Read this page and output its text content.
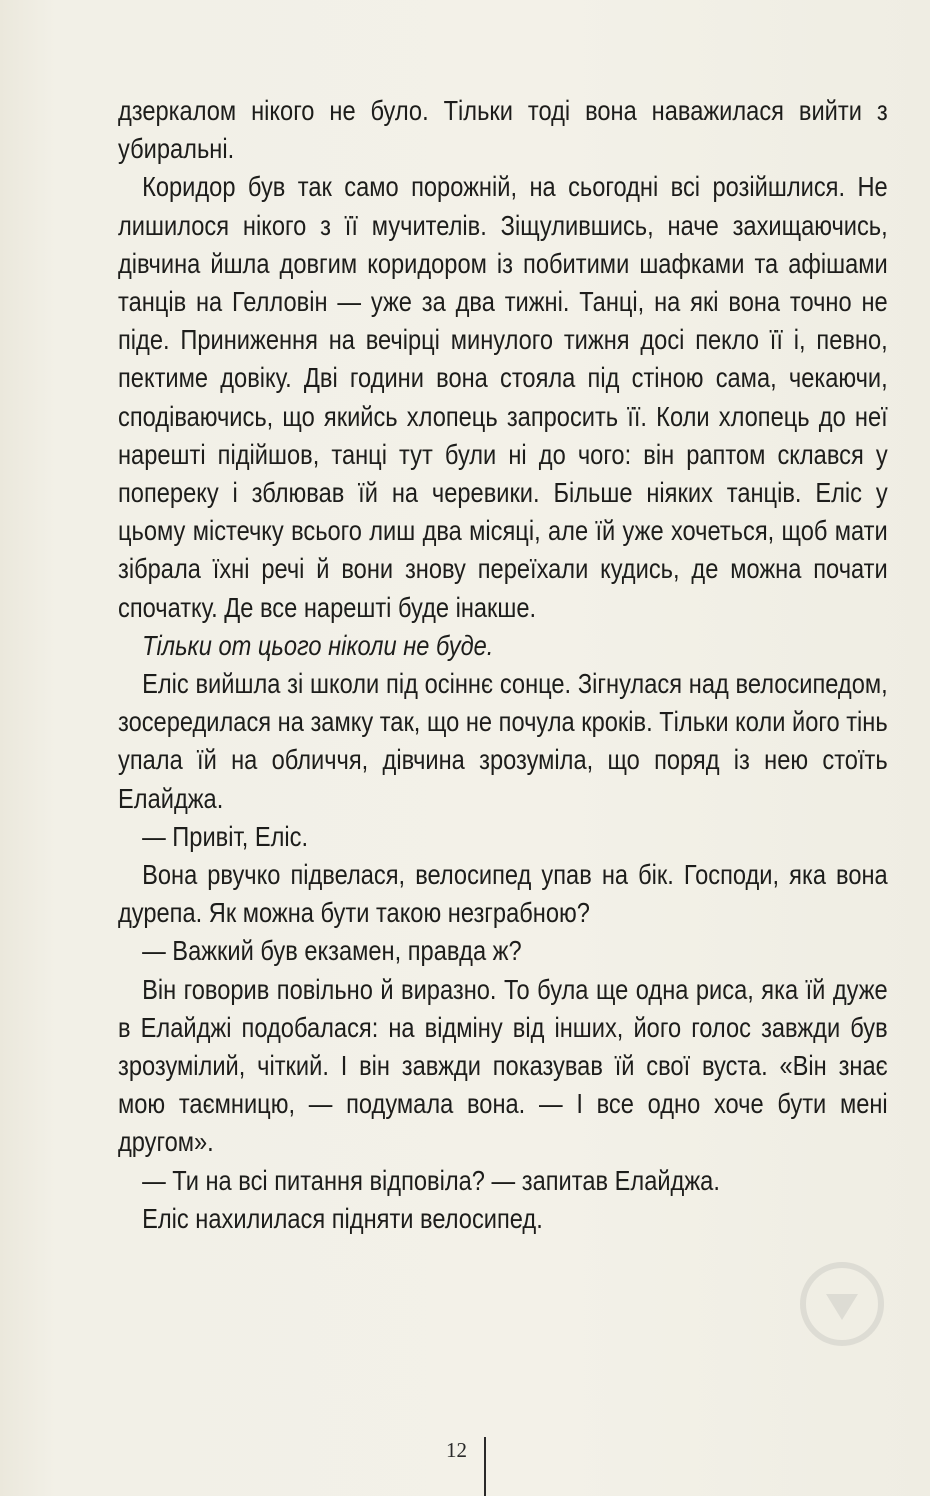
дзеркалом нікого не було. Тільки тоді вона наважилася вийти з убиральні.

Коридор був так само порожній, на сьогодні всі розійшлися. Не лишилося нікого з її мучителів. Зіщулившись, наче захищаючись, дівчина йшла довгим коридором із побитими шафками та афішами танців на Гелловін — уже за два тижні. Танці, на які вона точно не піде. Приниження на вечірці минулого тижня досі пекло її і, певно, пектиме довіку. Дві години вона стояла під стіною сама, чекаючи, сподіваючись, що якийсь хлопець запросить її. Коли хлопець до неї нарешті підійшов, танці тут були ні до чого: він раптом склався у поперeку і зблював їй на черевики. Більше ніяких танців. Еліс у цьому містечку всього лиш два місяці, але їй уже хочеться, щоб мати зібрала їхні речі й вони знову переїхали кудись, де можна почати спочатку. Де все нарешті буде інакше.

Тільки от цього ніколи не буде.

Еліс вийшла зі школи під осіннє сонце. Зігнулася над велосипедом, зосередилася на замку так, що не почула кроків. Тільки коли його тінь упала їй на обличчя, дівчина зрозуміла, що поряд із нею стоїть Елайджа.

— Привіт, Еліс.

Вона рвучко підвелася, велосипед упав на бік. Господи, яка вона дурепа. Як можна бути такою незграбною?

— Важкий був екзамен, правда ж?

Він говорив повільно й виразно. То була ще одна риса, яка їй дуже в Елайджі подобалася: на відміну від інших, його голос завжди був зрозумілий, чіткий. І він завжди показував їй свої вуста. «Він знає мою таємницю, — подумала вона. — І все одно хоче бути мені другом».

— Ти на всі питання відповіла? — запитав Елайджа.

Еліс нахилилася підняти велосипед.

12
